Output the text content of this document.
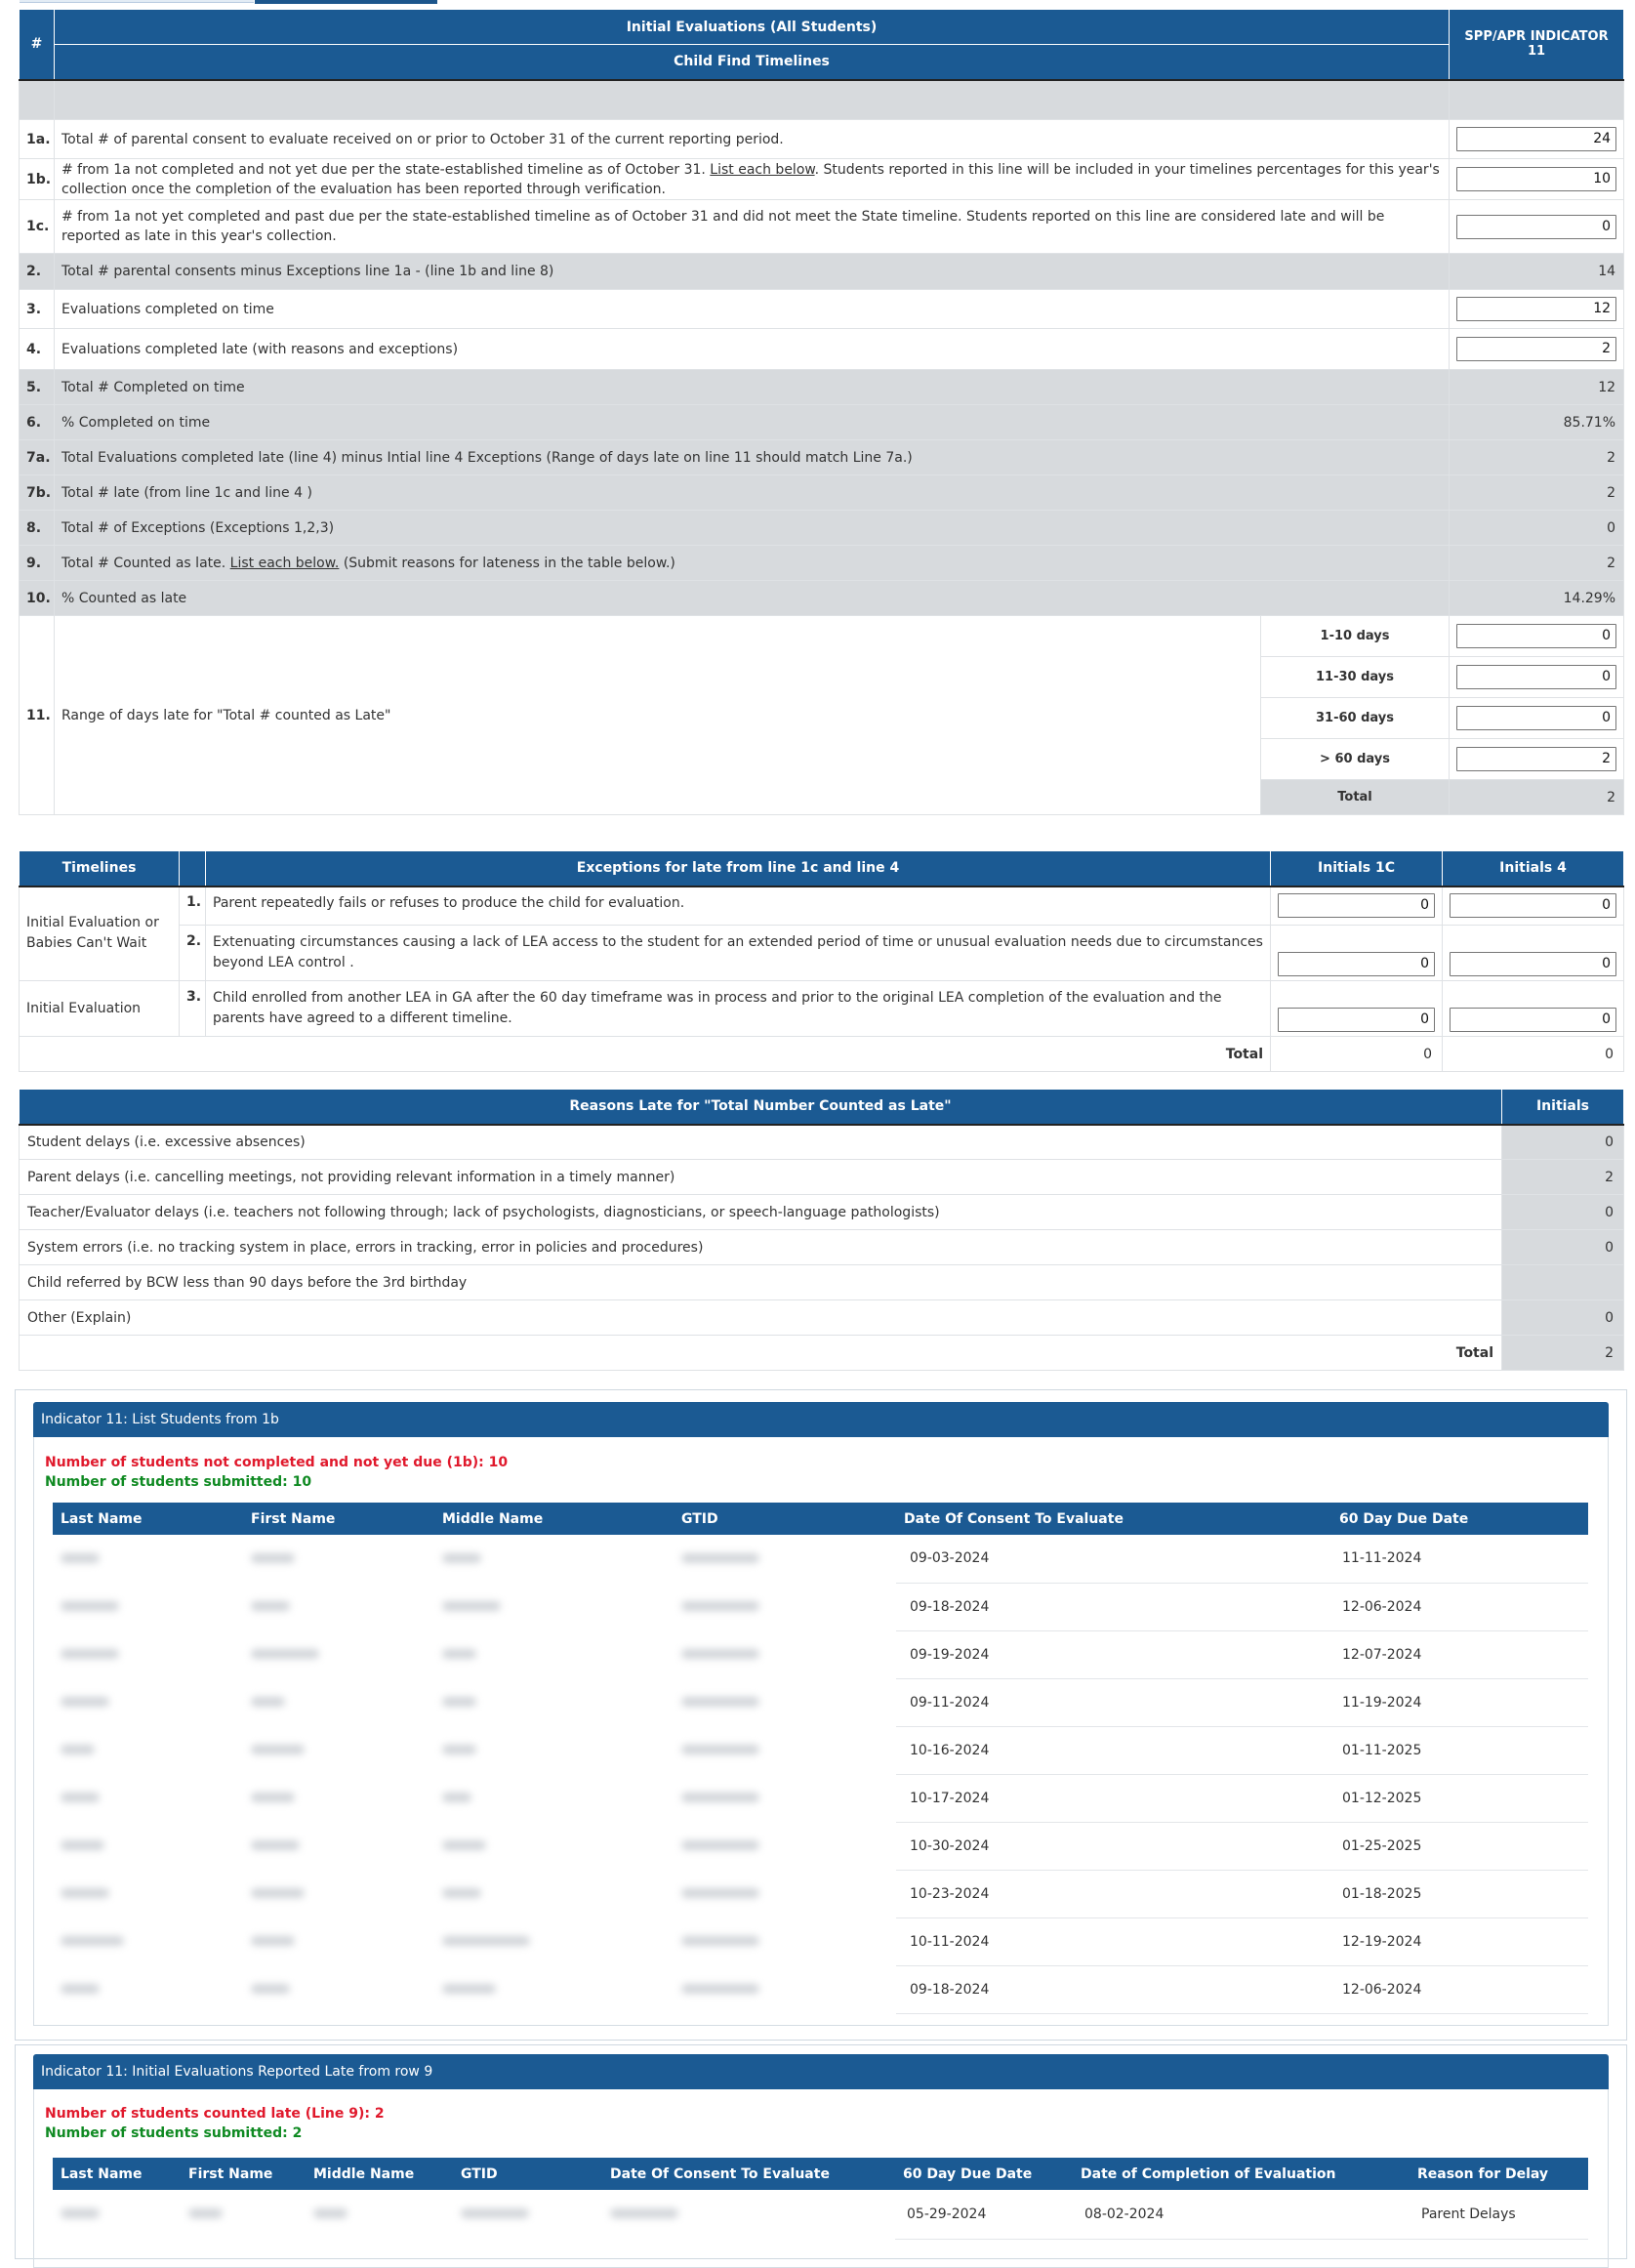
#	Initial Evaluations (All Students)		SPP/APR INDICATOR 11
	Child Find Timelines		

1a.	Total # of parental consent to evaluate received on or prior to October 31 of the current reporting period.		24

1b.	# from 1a not completed and not yet due per the state-established timeline as of October 31. List each below. Students reported in this line will be included in your timelines percentages for this year's collection once the completion of the evaluation has been reported through verification.		10

1c.	# from 1a not yet completed and past due per the state-established timeline as of October 31 and did not meet the State timeline. Students reported on this line are considered late and will be reported as late in this year's collection.		0

2.	Total # parental consents minus Exceptions line 1a - (line 1b and line 8)		14
3.	Evaluations completed on time		12

4.	Evaluations completed late (with reasons and exceptions)		2

5.	Total # Completed on time		12
6.	% Completed on time		85.71%
7a.	Total Evaluations completed late (line 4) minus Intial line 4 Exceptions (Range of days late on line 11 should match Line 7a.)		2
7b.	Total # late (from line 1c and line 4 )		2
8.	Total # of Exceptions (Exceptions 1,2,3)		0
9.	Total # Counted as late. List each below. (Submit reasons for lateness in the table below.)		2
10.	% Counted as late		14.29%
11.	Range of days late for "Total # counted as Late"	1-10 days	0

		11-30 days	0

		31-60 days	0

		> 60 days	2

		Total	2
Timelines		Exceptions for late from line 1c and line 4	Initials 1C	Initials 4
Initial Evaluation or Babies Can't Wait	1.	Parent repeatedly fails or refuses to produce the child for evaluation.	0	0

	2.	Extenuating circumstances causing a lack of LEA access to the student for an extended period of time or unusual evaluation needs due to circumstances beyond LEA control .	0	0

Initial Evaluation	3.	Child enrolled from another LEA in GA after the 60 day timeframe was in process and prior to the original LEA completion of the evaluation and the parents have agreed to a different timeline.	0	0

Total			0	0
Reasons Late for "Total Number Counted as Late"	Initials
Student delays (i.e. excessive absences)	0
Parent delays (i.e. cancelling meetings, not providing relevant information in a timely manner)	2
Teacher/Evaluator delays (i.e. teachers not following through; lack of psychologists, diagnosticians, or speech-language pathologists)	0
System errors (i.e. no tracking system in place, errors in tracking, error in policies and procedures)	0
Child referred by BCW less than 90 days before the 3rd birthday	
Other (Explain)	0
Total	2
Indicator 11: List Students from 1b
Number of students not completed and not yet due (1b): 10
Number of students submitted: 10
Last Name	First Name	Middle Name	GTID	Date Of Consent To Evaluate	60 Day Due Date
				09-03-2024	11-11-2024
				09-18-2024	12-06-2024
				09-19-2024	12-07-2024
				09-11-2024	11-19-2024
				10-16-2024	01-11-2025
				10-17-2024	01-12-2025
				10-30-2024	01-25-2025
				10-23-2024	01-18-2025
				10-11-2024	12-19-2024
				09-18-2024	12-06-2024
Indicator 11: Initial Evaluations Reported Late from row 9
Number of students counted late (Line 9): 2
Number of students submitted: 2
Last Name	First Name	Middle Name	GTID	Date Of Consent To Evaluate	60 Day Due Date	Date of Completion of Evaluation	Reason for Delay
					05-29-2024	08-02-2024	Parent Delays
